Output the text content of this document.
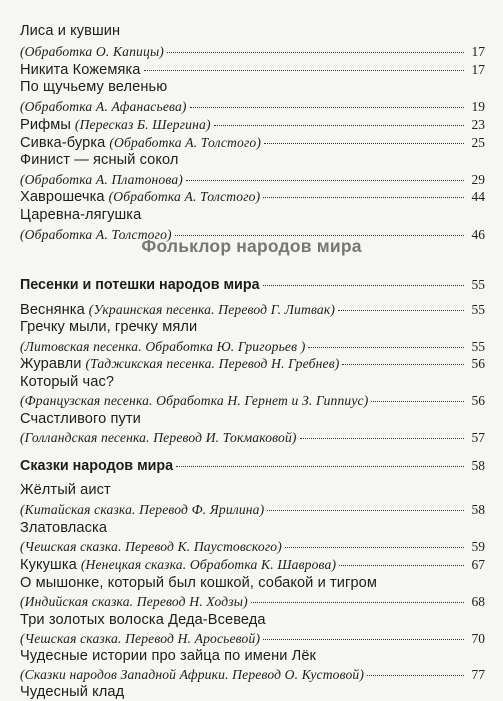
Лиса и кувшин
(Обработка О. Капицы)	17
Никита Кожемяка	17
По щучьему веленью
(Обработка А. Афанасьева)	19
Рифмы
(Пересказ Б. Шергина)	23
Сивка-бурка
(Обработка А. Толстого)	25
Финист — ясный сокол
(Обработка А. Платонова)	29
Хаврошечка
(Обработка А. Толстого)	44
Царевна-лягушка
(Обработка А. Толстого)	46
Фольклор народов мира
Песенки и потешки народов мира	55
Веснянка
(Украинская песенка. Перевод Г. Литвак)	55
Гречку мыли, гречку мяли
(Литовская песенка. Обработка Ю. Григорьев )	55
Журавли
(Таджикская песенка. Перевод Н. Гребнев)	56
Который час?
(Французская песенка. Обработка Н. Гернет и З. Гиппиус)	56
Счастливого пути
(Голландская песенка. Перевод И. Токмаковой)	57
Сказки народов мира	58
Жёлтый аист
(Китайская сказка. Перевод Ф. Ярилина)	58
Златовласка
(Чешская сказка. Перевод К. Паустовского)	59
Кукушка
(Ненецкая сказка. Обработка К. Шаврова)	67
О мышонке, который был кошкой, собакой и тигром
(Индийская сказка. Перевод Н. Ходзы)	68
Три золотых волоска Деда-Всеведа
(Чешская сказка. Перевод Н. Аросьевой)	70
Чудесные истории про зайца по имени Лёк
(Сказки народов Западной Африки. Перевод О. Кустовой)	77
Чудесный клад
